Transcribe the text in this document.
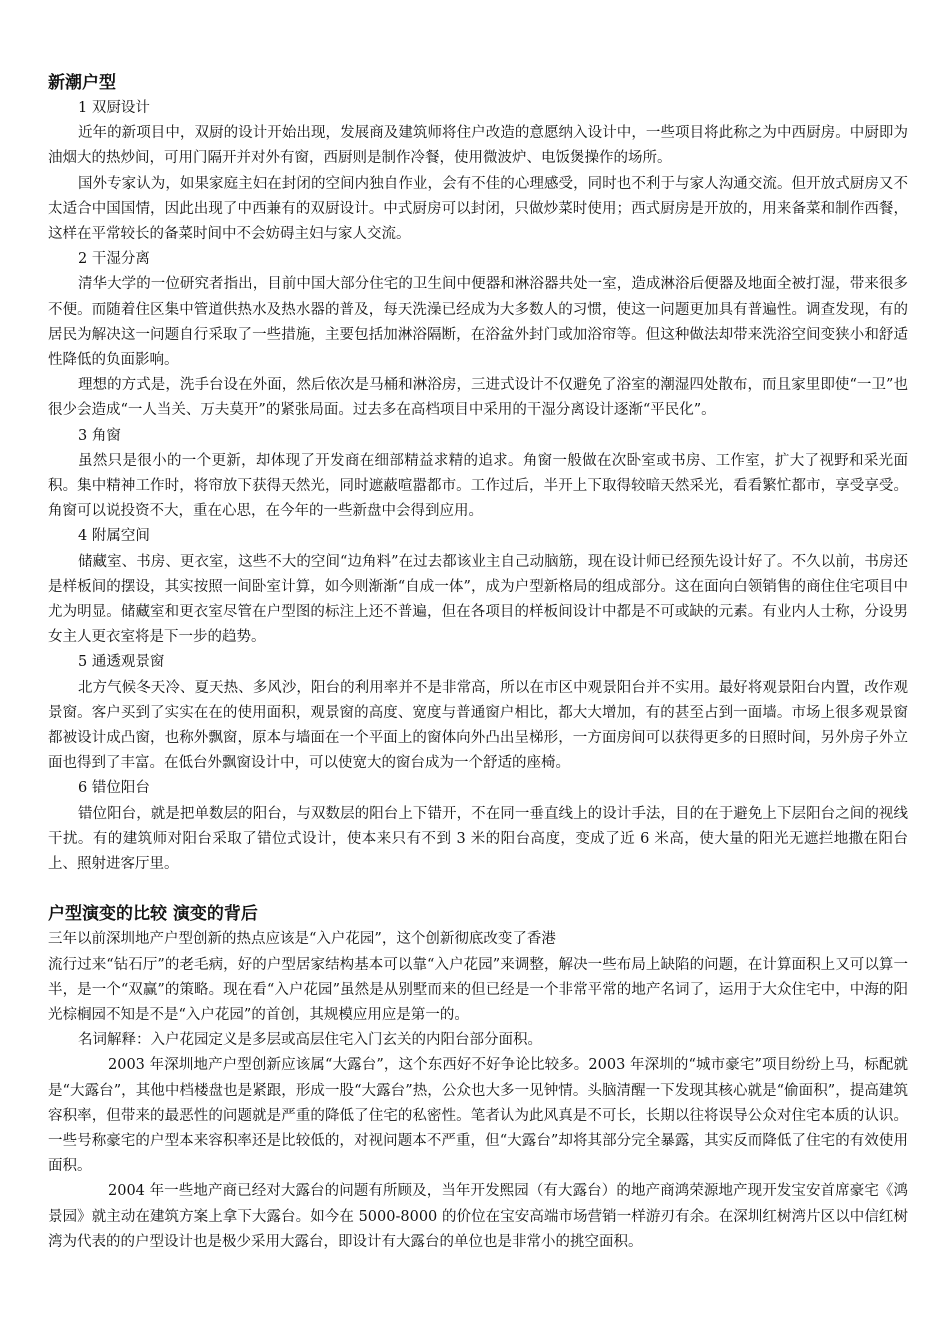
新潮户型

1 双厨设计

近年的新项目中，双厨的设计开始出现，发展商及建筑师将住户改造的意愿纳入设计中，一些项目将此称之为中西厨房。中厨即为油烟大的热炒间，可用门隔开并对外有窗，西厨则是制作冷餐，使用微波炉、电饭煲操作的场所。

国外专家认为，如果家庭主妇在封闭的空间内独自作业，会有不佳的心理感受，同时也不利于与家人沟通交流。但开放式厨房又不太适合中国国情，因此出现了中西兼有的双厨设计。中式厨房可以封闭，只做炒菜时使用；西式厨房是开放的，用来备菜和制作西餐，这样在平常较长的备菜时间中不会妨碍主妇与家人交流。

2 干湿分离

清华大学的一位研究者指出，目前中国大部分住宅的卫生间中便器和淋浴器共处一室，造成淋浴后便器及地面全被打湿，带来很多不便。而随着住区集中管道供热水及热水器的普及，每天洗澡已经成为大多数人的习惯，使这一问题更加具有普遍性。调查发现，有的居民为解决这一问题自行采取了一些措施，主要包括加淋浴隔断，在浴盆外封门或加浴帘等。但这种做法却带来洗浴空间变狭小和舒适性降低的负面影响。

理想的方式是，洗手台设在外面，然后依次是马桶和淋浴房，三进式设计不仅避免了浴室的潮湿四处散布，而且家里即使“一卫”也很少会造成“一人当关、万夫莫开”的紧张局面。过去多在高档项目中采用的干湿分离设计逐渐“平民化”。

3 角窗

虽然只是很小的一个更新，却体现了开发商在细部精益求精的追求。角窗一般做在次卧室或书房、工作室，扩大了视野和采光面积。集中精神工作时，将帘放下获得天然光，同时遮蔽喧嚣都市。工作过后，半开上下取得较暗天然采光，看看繁忙都市，享受享受。角窗可以说投资不大，重在心思，在今年的一些新盘中会得到应用。

4 附属空间

储藏室、书房、更衣室，这些不大的空间“边角料”在过去都该业主自己动脑筋，现在设计师已经预先设计好了。不久以前，书房还是样板间的摆设，其实按照一间卧室计算，如今则渐渐“自成一体”，成为户型新格局的组成部分。这在面向白领销售的商住住宅项目中尤为明显。储藏室和更衣室尽管在户型图的标注上还不普遍，但在各项目的样板间设计中都是不可或缺的元素。有业内人士称，分设男女主人更衣室将是下一步的趋势。

5 通透观景窗

北方气候冬天冷、夏天热、多风沙，阳台的利用率并不是非常高，所以在市区中观景阳台并不实用。最好将观景阳台内置，改作观景窗。客户买到了实实在在的使用面积，观景窗的高度、宽度与普通窗户相比，都大大增加，有的甚至占到一面墙。市场上很多观景窗都被设计成凸窗，也称外飘窗，原本与墙面在一个平面上的窗体向外凸出呈梯形，一方面房间可以获得更多的日照时间，另外房子外立面也得到了丰富。在低台外飘窗设计中，可以使宽大的窗台成为一个舒适的座椅。

6 错位阳台

错位阳台，就是把单数层的阳台，与双数层的阳台上下错开，不在同一垂直线上的设计手法，目的在于避免上下层阳台之间的视线干扰。有的建筑师对阳台采取了错位式设计，使本来只有不到 3 米的阳台高度，变成了近 6 米高，使大量的阳光无遮拦地撒在阳台上、照射进客厅里。

户型演变的比较 演变的背后

三年以前深圳地产户型创新的热点应该是“入户花园”，这个创新彻底改变了香港

流行过来“钻石厅”的老毛病，好的户型居家结构基本可以靠“入户花园”来调整，解决一些布局上缺陷的问题，在计算面积上又可以算一半，是一个“双赢”的策略。现在看“入户花园”虽然是从别墅而来的但已经是一个非常平常的地产名词了，运用于大众住宅中，中海的阳光棕榈园不知是不是“入户花园”的首创，其规模应用应是第一的。

名词解释：入户花园定义是多层或高层住宅入门玄关的内阳台部分面积。

2003 年深圳地产户型创新应该属“大露台”，这个东西好不好争论比较多。2003 年深圳的“城市豪宅”项目纷纷上马，标配就是“大露台”，其他中档楼盘也是紧跟，形成一股“大露台”热，公众也大多一见钟情。头脑清醒一下发现其核心就是“偷面积”，提高建筑容积率，但带来的最恶性的问题就是严重的降低了住宅的私密性。笔者认为此风真是不可长，长期以往将误导公众对住宅本质的认识。一些号称豪宅的户型本来容积率还是比较低的，对视问题本不严重，但“大露台”却将其部分完全暴露，其实反而降低了住宅的有效使用面积。

2004 年一些地产商已经对大露台的问题有所顾及，当年开发熙园（有大露台）的地产商鸿荣源地产现开发宝安首席豪宅《鸿景园》就主动在建筑方案上拿下大露台。如今在 5000-8000 的价位在宝安高端市场营销一样游刃有余。在深圳红树湾片区以中信红树湾为代表的的户型设计也是极少采用大露台，即设计有大露台的单位也是非常小的挑空面积。
